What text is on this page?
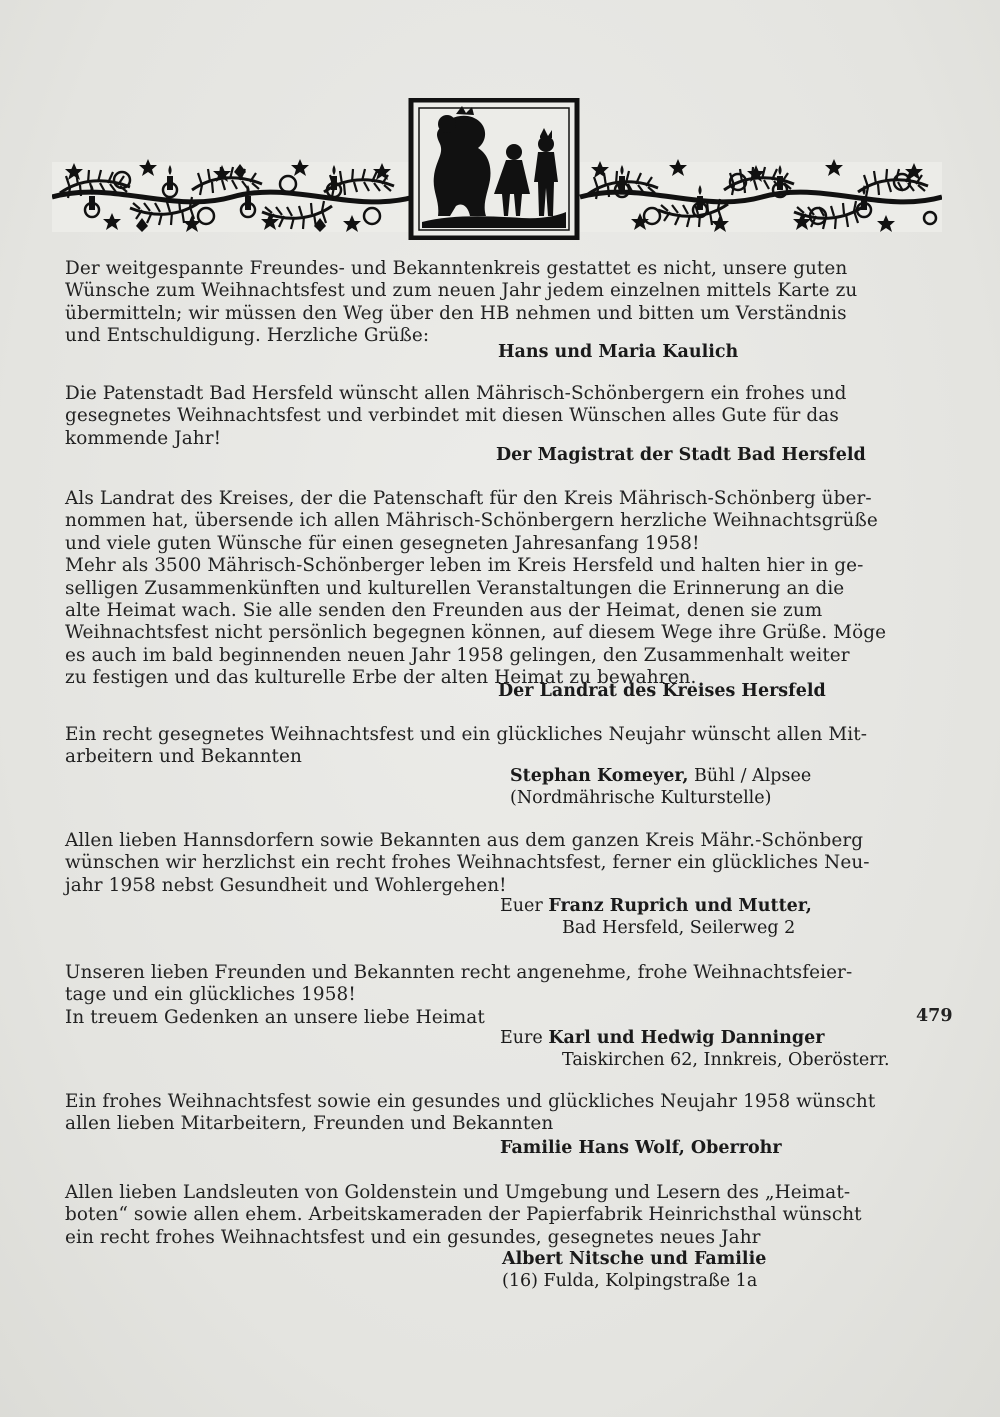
Der weitgespannte Freundes- und Bekanntenkreis gestattet es nicht, unsere guten
Wünsche zum Weihnachtsfest und zum neuen Jahr jedem einzelnen mittels Karte zu
übermitteln; wir müssen den Weg über den HB nehmen und bitten um Verständnis
und Entschuldigung. Herzliche Grüße:

Hans und Maria Kaulich

Die Patenstadt Bad Hersfeld wünscht allen Mährisch-Schönbergern ein frohes und
gesegnetes Weihnachtsfest und verbindet mit diesen Wünschen alles Gute für das
kommende Jahr!

Der Magistrat der Stadt Bad Hersfeld

Als Landrat des Kreises, der die Patenschaft für den Kreis Mährisch-Schönberg über-
nommen hat, übersende ich allen Mährisch-Schönbergern herzliche Weihnachtsgrüße
und viele guten Wünsche für einen gesegneten Jahresanfang 1958!
Mehr als 3500 Mährisch-Schönberger leben im Kreis Hersfeld und halten hier in ge-
selligen Zusammenkünften und kulturellen Veranstaltungen die Erinnerung an die
alte Heimat wach. Sie alle senden den Freunden aus der Heimat, denen sie zum
Weihnachtsfest nicht persönlich begegnen können, auf diesem Wege ihre Grüße. Möge
es auch im bald beginnenden neuen Jahr 1958 gelingen, den Zusammenhalt weiter
zu festigen und das kulturelle Erbe der alten Heimat zu bewahren.

Der Landrat des Kreises Hersfeld

Ein recht gesegnetes Weihnachtsfest und ein glückliches Neujahr wünscht allen Mit-
arbeitern und Bekannten

Stephan Komeyer, Bühl / Alpsee
(Nordmährische Kulturstelle)

Allen lieben Hannsdorfern sowie Bekannten aus dem ganzen Kreis Mähr.-Schönberg
wünschen wir herzlichst ein recht frohes Weihnachtsfest, ferner ein glückliches Neu-
jahr 1958 nebst Gesundheit und Wohlergehen!

Euer Franz Ruprich und Mutter,
Bad Hersfeld, Seilerweg 2

Unseren lieben Freunden und Bekannten recht angenehme, frohe Weihnachtsfeier-
tage und ein glückliches 1958!
In treuem Gedenken an unsere liebe Heimat

Eure Karl und Hedwig Danninger
Taiskirchen 62, Innkreis, Oberösterr.

Ein frohes Weihnachtsfest sowie ein gesundes und glückliches Neujahr 1958 wünscht
allen lieben Mitarbeitern, Freunden und Bekannten

Familie Hans Wolf, Oberrohr

Allen lieben Landsleuten von Goldenstein und Umgebung und Lesern des „Heimat-
boten“ sowie allen ehem. Arbeitskameraden der Papierfabrik Heinrichsthal wünscht
ein recht frohes Weihnachtsfest und ein gesundes, gesegnetes neues Jahr

Albert Nitsche und Familie
(16) Fulda, Kolpingstraße 1a
479
